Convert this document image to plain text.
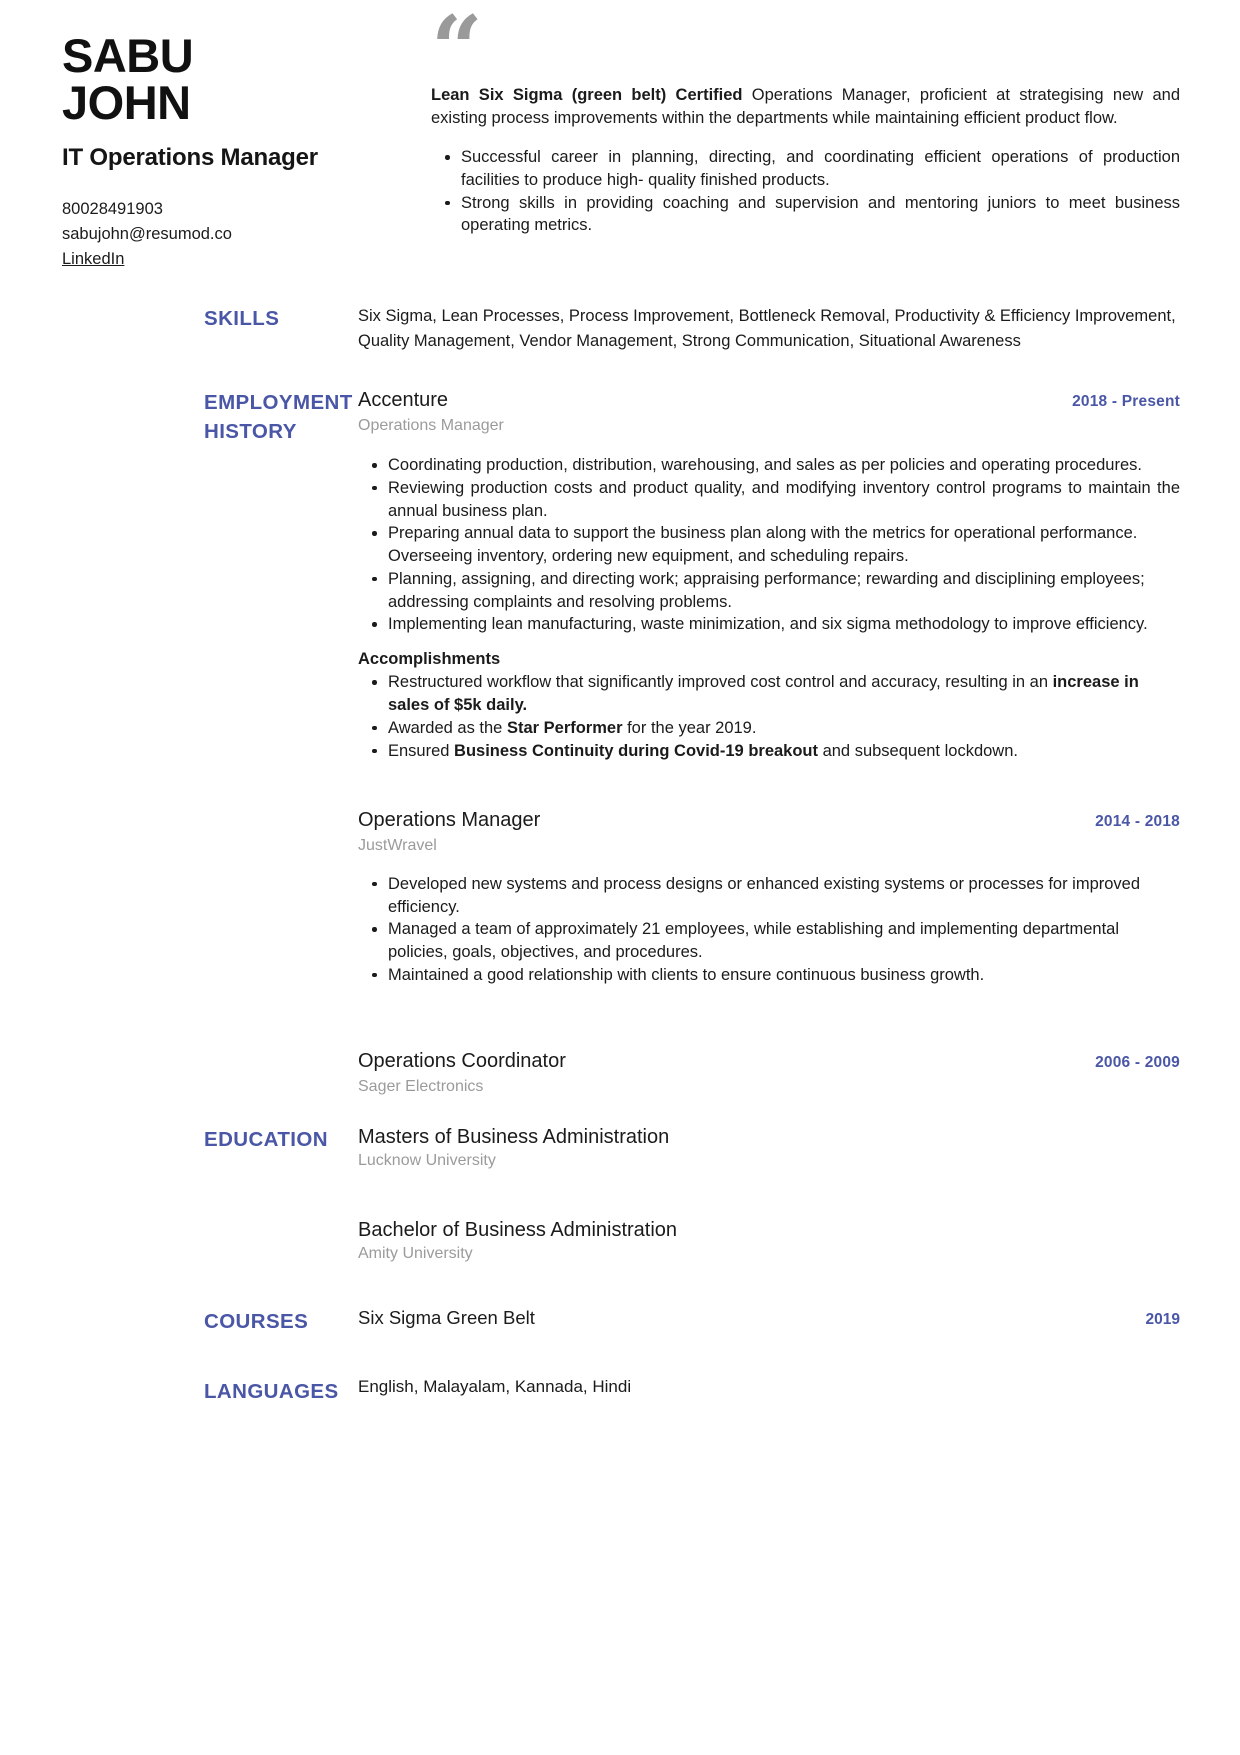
SABU
JOHN
IT Operations Manager
80028491903
sabujohn@resumod.co
LinkedIn
“

Lean Six Sigma (green belt) Certified Operations Manager, proficient at strategising new and existing process improvements within the departments while maintaining efficient product flow.

Successful career in planning, directing, and coordinating efficient operations of production facilities to produce high- quality finished products.
Strong skills in providing coaching and supervision and mentoring juniors to meet business operating metrics.
SKILLS	Six Sigma, Lean Processes, Process Improvement, Bottleneck Removal, Productivity & Efficiency Improvement, Quality Management, Vendor Management, Strong Communication, Situational Awareness
EMPLOYMENT
HISTORY
Accenture	2018 - Present
Operations Manager
Coordinating production, distribution, warehousing, and sales as per policies and operating procedures.
Reviewing production costs and product quality, and modifying inventory control programs to maintain the annual business plan.
Preparing annual data to support the business plan along with the metrics for operational performance. Overseeing inventory, ordering new equipment, and scheduling repairs.
Planning, assigning, and directing work; appraising performance; rewarding and disciplining employees; addressing complaints and resolving problems.
Implementing lean manufacturing, waste minimization, and six sigma methodology to improve efficiency.
Accomplishments
Restructured workflow that significantly improved cost control and accuracy, resulting in an increase in sales of $5k daily.
Awarded as the Star Performer for the year 2019.
Ensured Business Continuity during Covid-19 breakout and subsequent lockdown.
Operations Manager	2014 - 2018
JustWravel
Developed new systems and process designs or enhanced existing systems or processes for improved efficiency.
Managed a team of approximately 21 employees, while establishing and implementing departmental policies, goals, objectives, and procedures.
Maintained a good relationship with clients to ensure continuous business growth.
Operations Coordinator	2006 - 2009
Sager Electronics
EDUCATION	Masters of Business Administration
Lucknow University
Bachelor of Business Administration
Amity University
COURSES	Six Sigma Green Belt	2019
LANGUAGES	English, Malayalam, Kannada, Hindi
